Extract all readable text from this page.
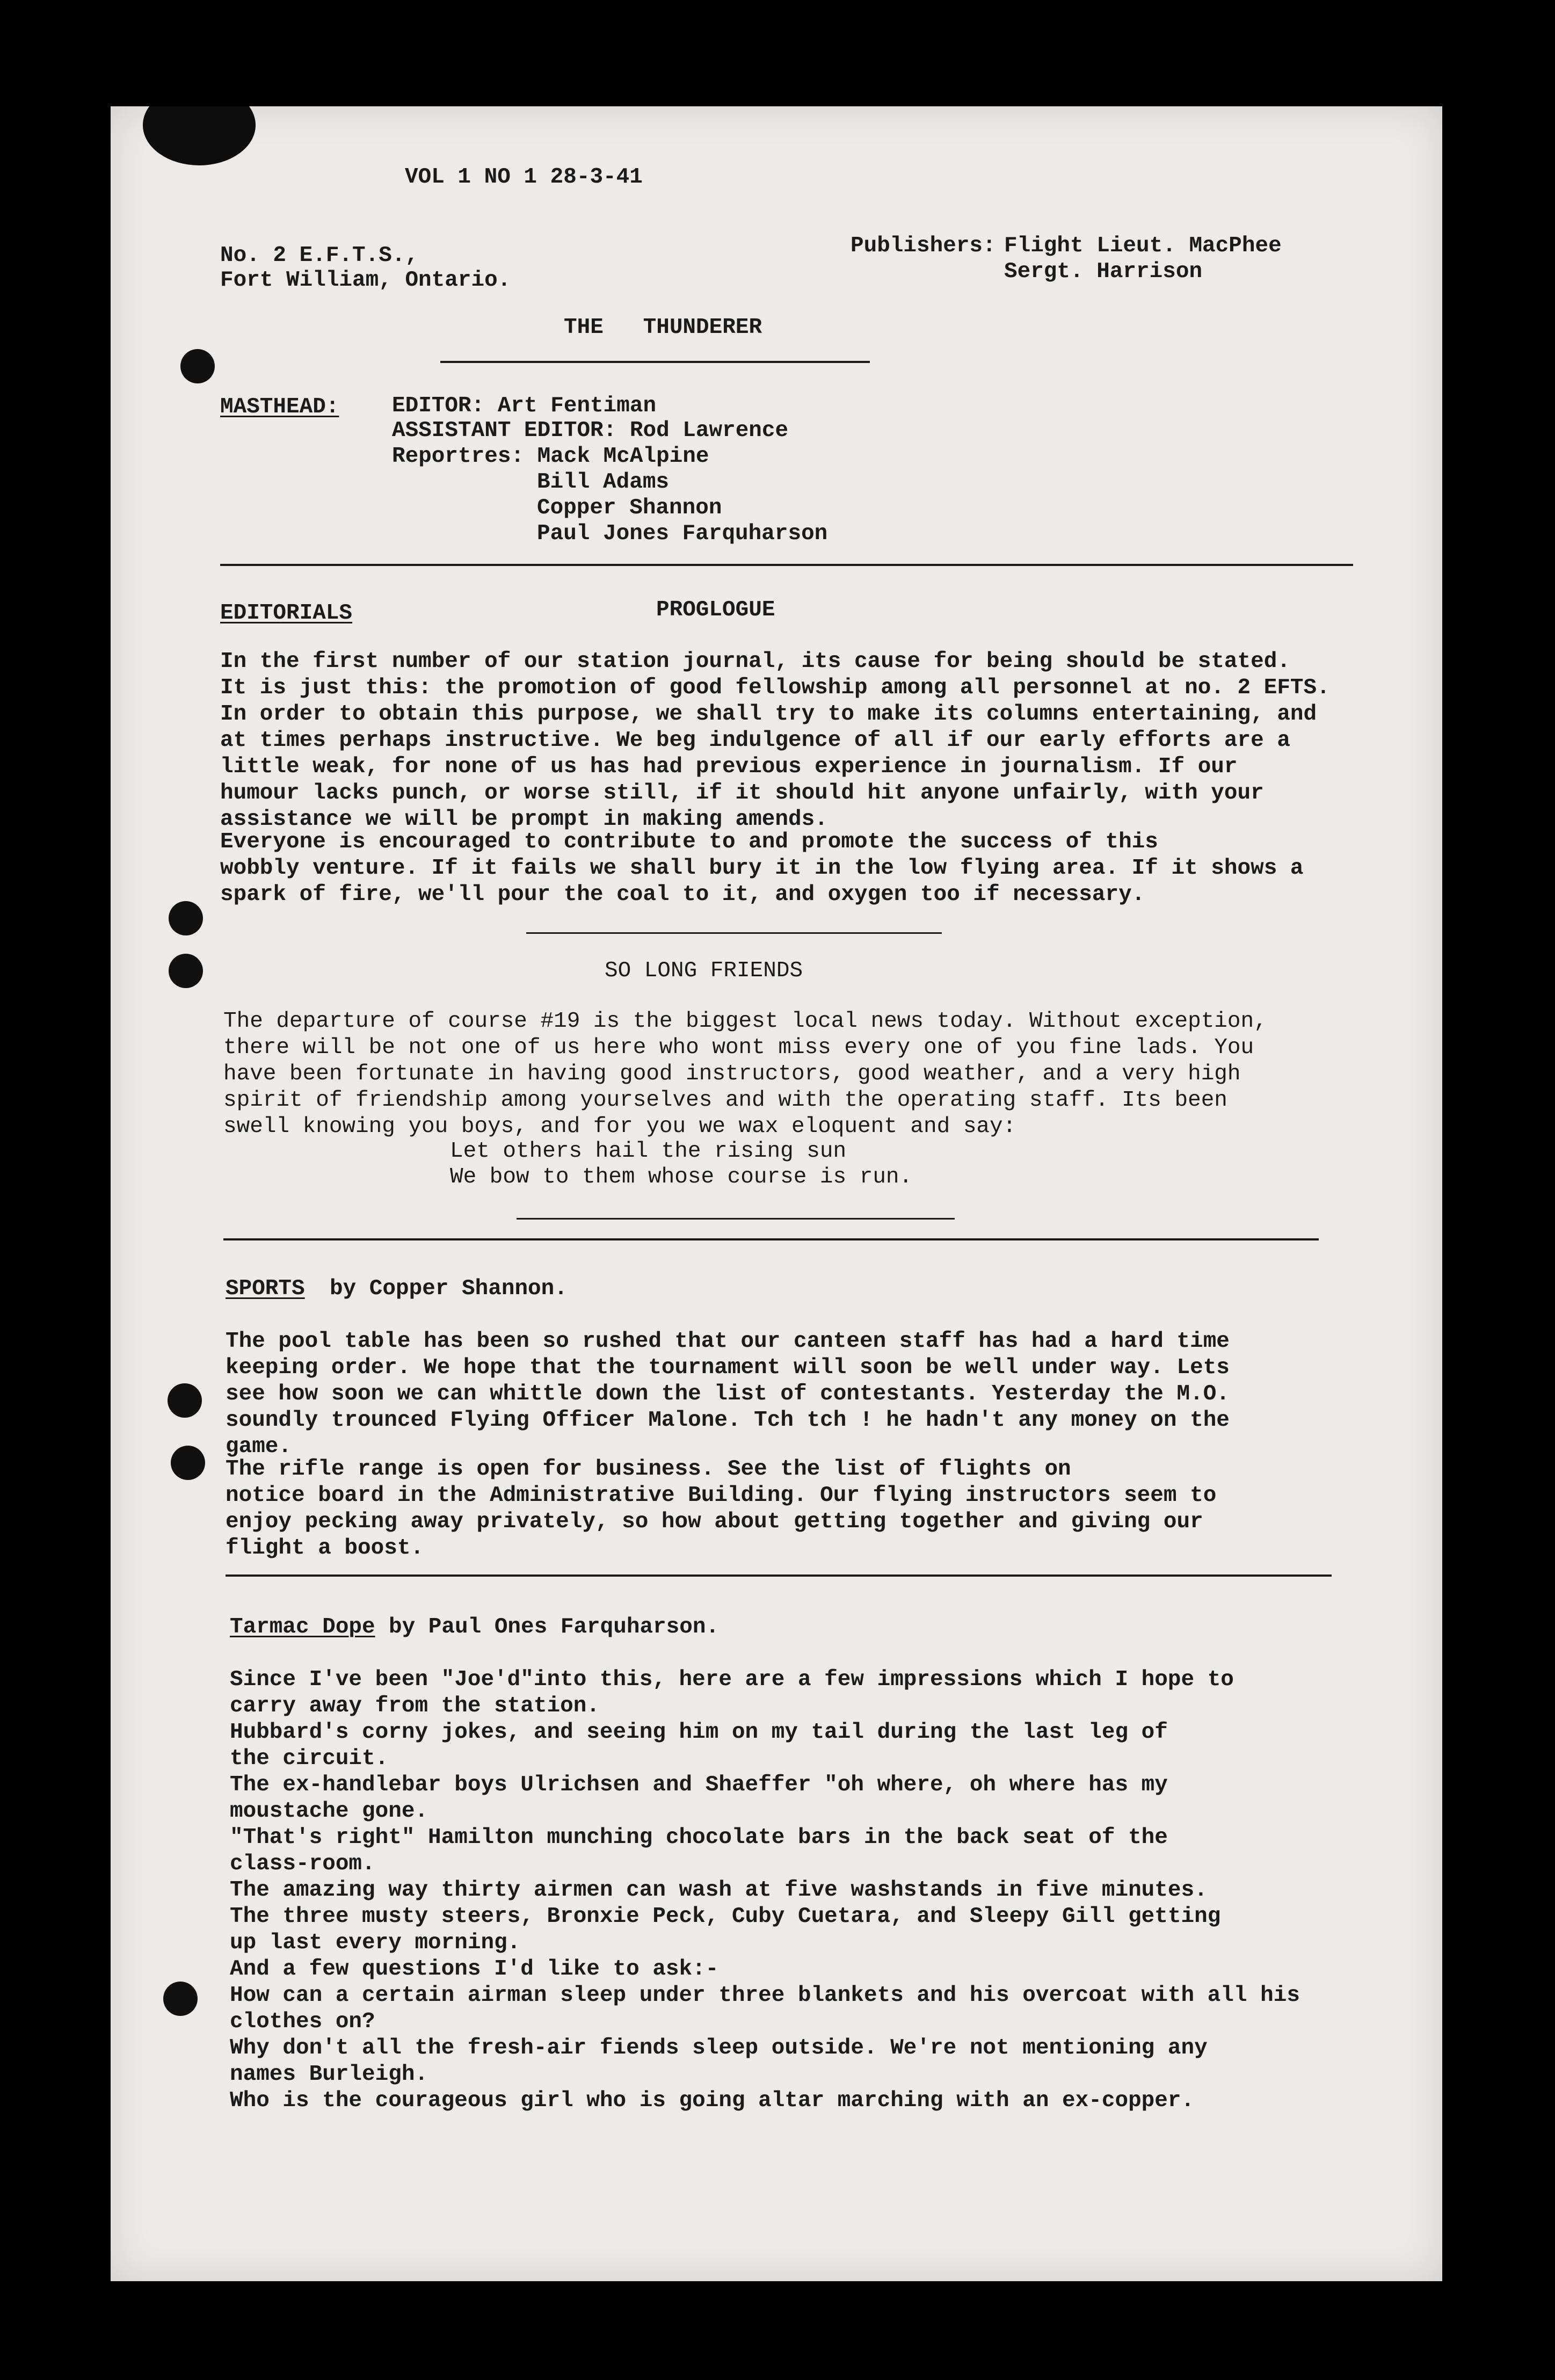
VOL 1 NO 1 28-3-41
No. 2 E.F.T.S.,
Fort William, Ontario.
Publishers: Flight Lieut. MacPhee
Sergt. Harrison
THE   THUNDERER
MASTHEAD: EDITOR: Art Fentiman
ASSISTANT EDITOR: Rod Lawrence
Reportres: Mack McAlpine
Bill Adams
Copper Shannon
Paul Jones Farquharson
EDITORIALS	PROGLOGUE
In the first number of our station journal, its cause for being should be stated.
It is just this: the promotion of good fellowship among all personnel at no. 2 EFTS.
In order to obtain this purpose, we shall try to make its columns entertaining, and
at times perhaps instructive. We beg indulgence of all if our early efforts are a
little weak, for none of us has had previous experience in journalism. If our
humour lacks punch, or worse still, if it should hit anyone unfairly, with your
assistance we will be prompt in making amends.
Everyone is encouraged to contribute to and promote the success of this
wobbly venture. If it fails we shall bury it in the low flying area. If it shows a
spark of fire, we'll pour the coal to it, and oxygen too if necessary.
SO LONG FRIENDS
The departure of course #19 is the biggest local news today. Without exception,
there will be not one of us here who wont miss every one of you fine lads. You
have been fortunate in having good instructors, good weather, and a very high
spirit of friendship among yourselves and with the operating staff. Its been
swell knowing you boys, and for you we wax eloquent and say:
Let others hail the rising sun
We bow to them whose course is run.
SPORTS by Copper Shannon.
The pool table has been so rushed that our canteen staff has had a hard time
keeping order. We hope that the tournament will soon be well under way. Lets
see how soon we can whittle down the list of contestants. Yesterday the M.O.
soundly trounced Flying Officer Malone. Tch tch ! he hadn't any money on the
game.
The rifle range is open for business. See the list of flights on
notice board in the Administrative Building. Our flying instructors seem to
enjoy pecking away privately, so how about getting together and giving our
flight a boost.
Tarmac Dope by Paul Ones Farquharson.
Since I've been "Joe'd"into this, here are a few impressions which I hope to
carry away from the station.
Hubbard's corny jokes, and seeing him on my tail during the last leg of
the circuit.
The ex-handlebar boys Ulrichsen and Shaeffer "oh where, oh where has my
moustache gone.
"That's right" Hamilton munching chocolate bars in the back seat of the
class-room.
The amazing way thirty airmen can wash at five washstands in five minutes.
The three musty steers, Bronxie Peck, Cuby Cuetara, and Sleepy Gill getting
up last every morning.
And a few questions I'd like to ask:-
How can a certain airman sleep under three blankets and his overcoat with all his
clothes on?
Why don't all the fresh-air fiends sleep outside. We're not mentioning any
names Burleigh.
Who is the courageous girl who is going altar marching with an ex-copper.
